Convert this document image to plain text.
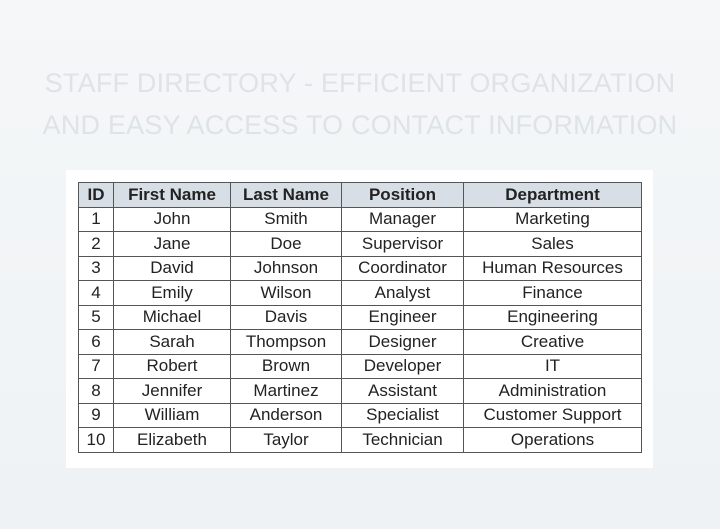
STAFF DIRECTORY - EFFICIENT ORGANIZATION
AND EASY ACCESS TO CONTACT INFORMATION
ID	First Name	Last Name	Position	Department
1	John	Smith	Manager	Marketing
2	Jane	Doe	Supervisor	Sales
3	David	Johnson	Coordinator	Human Resources
4	Emily	Wilson	Analyst	Finance
5	Michael	Davis	Engineer	Engineering
6	Sarah	Thompson	Designer	Creative
7	Robert	Brown	Developer	IT
8	Jennifer	Martinez	Assistant	Administration
9	William	Anderson	Specialist	Customer Support
10	Elizabeth	Taylor	Technician	Operations
